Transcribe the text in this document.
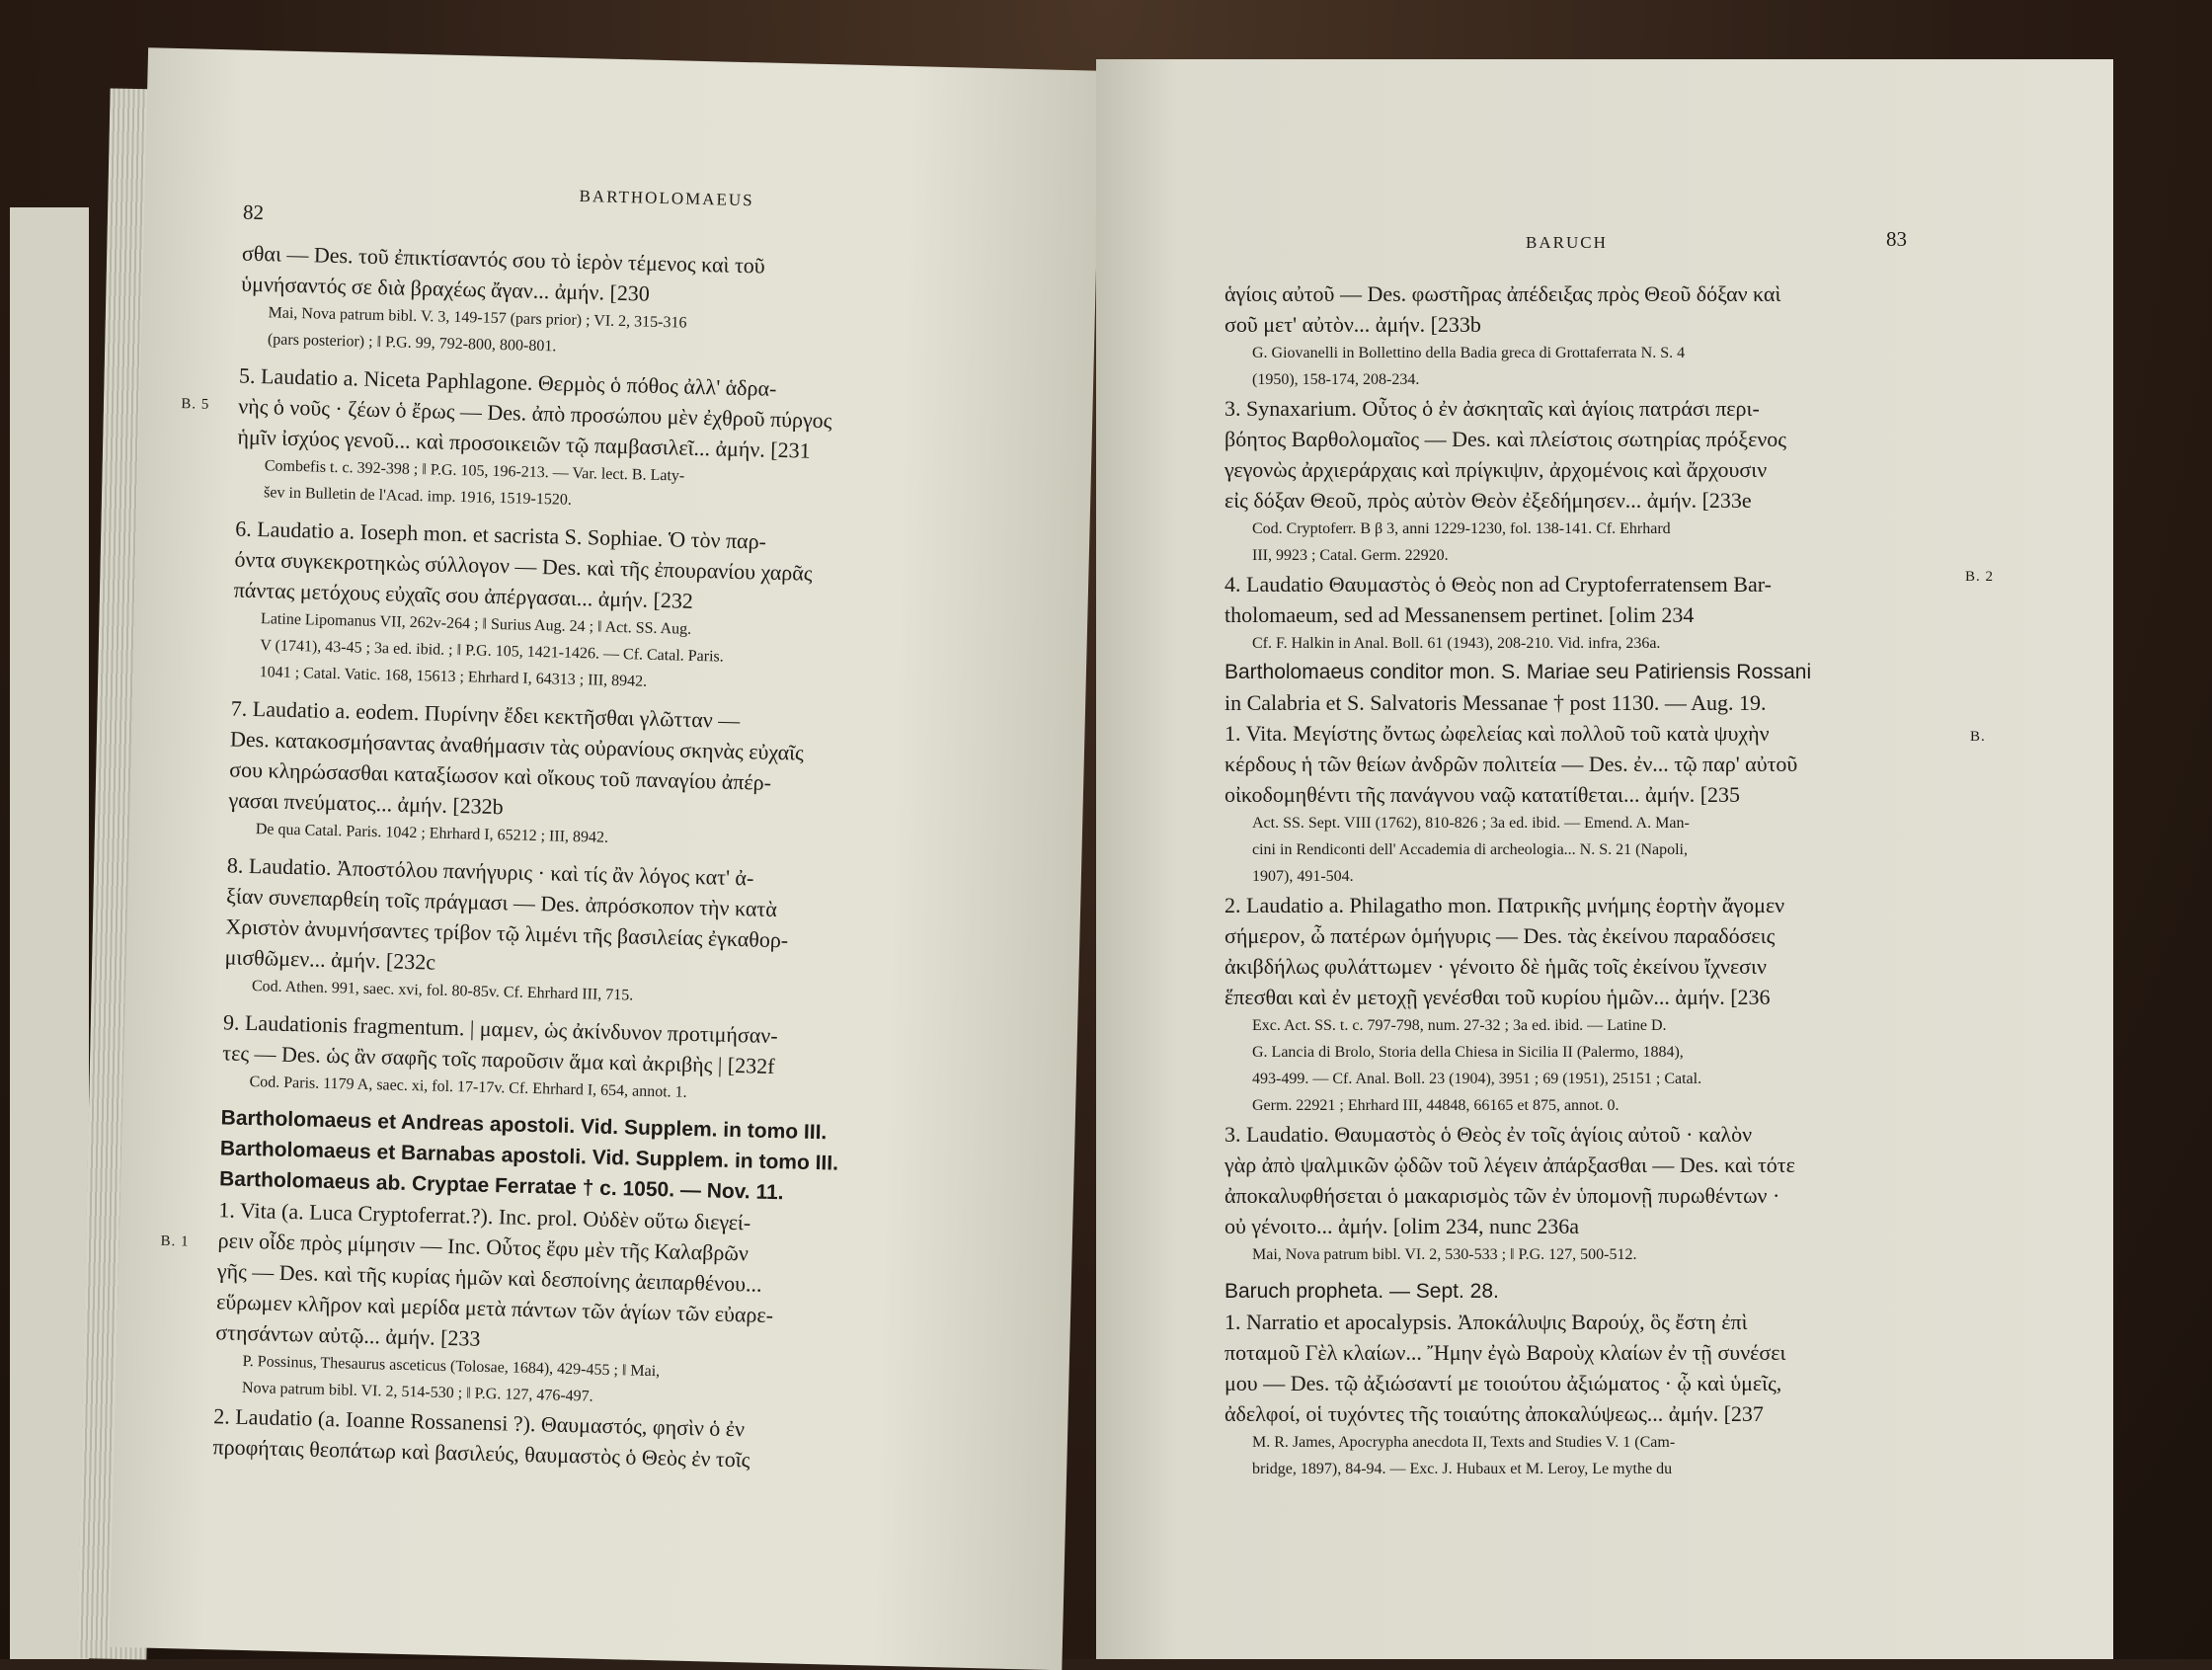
82
BARTHOLOMAEUS
B. 5
B. 1
σθαι — Des. τοῦ ἐπικτίσαντός σου τὸ ἱερὸν τέμενος καὶ τοῦ
ὑμνήσαντός σε διὰ βραχέως ἄγαν... ἀμήν. [230
Mai, Nova patrum bibl. V. 3, 149-157 (pars prior) ; VI. 2, 315-316
(pars posterior) ; ‖ P.G. 99, 792-800, 800-801.
5. Laudatio a. Niceta Paphlagone. Θερμὸς ὁ πόθος ἀλλ' ἁδρα-
νὴς ὁ νοῦς · ζέων ὁ ἔρως — Des. ἀπὸ προσώπου μὲν ἐχθροῦ πύργος
ἡμῖν ἰσχύος γενοῦ... καὶ προσοικειῶν τῷ παμβασιλεῖ... ἀμήν. [231
Combefis t. c. 392-398 ; ‖ P.G. 105, 196-213. — Var. lect. B. Laty-
šev in Bulletin de l'Acad. imp. 1916, 1519-1520.
6. Laudatio a. Ioseph mon. et sacrista S. Sophiae. Ὁ τὸν παρ-
όντα συγκεκροτηκὼς σύλλογον — Des. καὶ τῆς ἐπουρανίου χαρᾶς
πάντας μετόχους εὐχαῖς σου ἀπέργασαι... ἀμήν. [232
Latine Lipomanus VII, 262v-264 ; ‖ Surius Aug. 24 ; ‖ Act. SS. Aug.
V (1741), 43-45 ; 3a ed. ibid. ; ‖ P.G. 105, 1421-1426. — Cf. Catal. Paris.
1041 ; Catal. Vatic. 168, 15613 ; Ehrhard I, 64313 ; III, 8942.
7. Laudatio a. eodem. Πυρίνην ἔδει κεκτῆσθαι γλῶτταν —
Des. κατακοσμήσαντας ἀναθήμασιν τὰς οὐρανίους σκηνὰς εὐχαῖς
σου κληρώσασθαι καταξίωσον καὶ οἴκους τοῦ παναγίου ἀπέρ-
γασαι πνεύματος... ἀμήν. [232b
De qua Catal. Paris. 1042 ; Ehrhard I, 65212 ; III, 8942.
8. Laudatio. Ἀποστόλου πανήγυρις · καὶ τίς ἂν λόγος κατ' ἀ-
ξίαν συνεπαρθείη τοῖς πράγμασι — Des. ἀπρόσκοπον τὴν κατὰ
Χριστὸν ἀνυμνήσαντες τρίβον τῷ λιμένι τῆς βασιλείας ἐγκαθορ-
μισθῶμεν... ἀμήν. [232c
Cod. Athen. 991, saec. xvi, fol. 80-85v. Cf. Ehrhard III, 715.
9. Laudationis fragmentum. | μαμεν, ὡς ἀκίνδυνον προτιμήσαν-
τες — Des. ὡς ἂν σαφῆς τοῖς παροῦσιν ἅμα καὶ ἀκριβὴς | [232f
Cod. Paris. 1179 A, saec. xi, fol. 17-17v. Cf. Ehrhard I, 654, annot. 1.
Bartholomaeus et Andreas apostoli. Vid. Supplem. in tomo III.
Bartholomaeus et Barnabas apostoli. Vid. Supplem. in tomo III.
Bartholomaeus ab. Cryptae Ferratae † c. 1050. — Nov. 11.
1. Vita (a. Luca Cryptoferrat.?). Inc. prol. Οὐδὲν οὕτω διεγεί-
ρειν οἶδε πρὸς μίμησιν — Inc. Οὗτος ἔφυ μὲν τῆς Καλαβρῶν
γῆς — Des. καὶ τῆς κυρίας ἡμῶν καὶ δεσποίνης ἀειπαρθένου...
εὕρωμεν κλῆρον καὶ μερίδα μετὰ πάντων τῶν ἁγίων τῶν εὐαρε-
στησάντων αὐτῷ... ἀμήν. [233
P. Possinus, Thesaurus asceticus (Tolosae, 1684), 429-455 ; ‖ Mai,
Nova patrum bibl. VI. 2, 514-530 ; ‖ P.G. 127, 476-497.
2. Laudatio (a. Ioanne Rossanensi ?). Θαυμαστός, φησὶν ὁ ἐν
προφήταις θεοπάτωρ καὶ βασιλεύς, θαυμαστὸς ὁ Θεὸς ἐν τοῖς
BARUCH	83
B. 2
B.
ἁγίοις αὐτοῦ — Des. φωστῆρας ἀπέδειξας πρὸς Θεοῦ δόξαν καὶ
σοῦ μετ' αὐτὸν... ἀμήν. [233b
G. Giovanelli in Bollettino della Badia greca di Grottaferrata N. S. 4
(1950), 158-174, 208-234.
3. Synaxarium. Οὗτος ὁ ἐν ἀσκηταῖς καὶ ἁγίοις πατράσι περι-
βόητος Βαρθολομαῖος — Des. καὶ πλείστοις σωτηρίας πρόξενος
γεγονὼς ἀρχιεράρχαις καὶ πρίγκιψιν, ἀρχομένοις καὶ ἄρχουσιν
εἰς δόξαν Θεοῦ, πρὸς αὐτὸν Θεὸν ἐξεδήμησεν... ἀμήν. [233e
Cod. Cryptoferr. B β 3, anni 1229-1230, fol. 138-141. Cf. Ehrhard
III, 9923 ; Catal. Germ. 22920.
4. Laudatio Θαυμαστὸς ὁ Θεὸς non ad Cryptoferratensem Bar-
tholomaeum, sed ad Messanensem pertinet. [olim 234
Cf. F. Halkin in Anal. Boll. 61 (1943), 208-210. Vid. infra, 236a.
Bartholomaeus conditor mon. S. Mariae seu Patiriensis Rossani
in Calabria et S. Salvatoris Messanae † post 1130. — Aug. 19.
1. Vita. Μεγίστης ὄντως ὠφελείας καὶ πολλοῦ τοῦ κατὰ ψυχὴν
κέρδους ἡ τῶν θείων ἀνδρῶν πολιτεία — Des. ἐν... τῷ παρ' αὐτοῦ
οἰκοδομηθέντι τῆς πανάγνου ναῷ κατατίθεται... ἀμήν. [235
Act. SS. Sept. VIII (1762), 810-826 ; 3a ed. ibid. — Emend. A. Man-
cini in Rendiconti dell' Accademia di archeologia... N. S. 21 (Napoli,
1907), 491-504.
2. Laudatio a. Philagatho mon. Πατρικῆς μνήμης ἑορτὴν ἄγομεν
σήμερον, ὦ πατέρων ὁμήγυρις — Des. τὰς ἐκείνου παραδόσεις
ἀκιβδήλως φυλάττωμεν · γένοιτο δὲ ἡμᾶς τοῖς ἐκείνου ἴχνεσιν
ἕπεσθαι καὶ ἐν μετοχῇ γενέσθαι τοῦ κυρίου ἡμῶν... ἀμήν. [236
Exc. Act. SS. t. c. 797-798, num. 27-32 ; 3a ed. ibid. — Latine D.
G. Lancia di Brolo, Storia della Chiesa in Sicilia II (Palermo, 1884),
493-499. — Cf. Anal. Boll. 23 (1904), 3951 ; 69 (1951), 25151 ; Catal.
Germ. 22921 ; Ehrhard III, 44848, 66165 et 875, annot. 0.
3. Laudatio. Θαυμαστὸς ὁ Θεὸς ἐν τοῖς ἁγίοις αὐτοῦ · καλὸν
γὰρ ἀπὸ ψαλμικῶν ᾠδῶν τοῦ λέγειν ἀπάρξασθαι — Des. καὶ τότε
ἀποκαλυφθήσεται ὁ μακαρισμὸς τῶν ἐν ὑπομονῇ πυρωθέντων ·
οὐ γένοιτο... ἀμήν. [olim 234, nunc 236a
Mai, Nova patrum bibl. VI. 2, 530-533 ; ‖ P.G. 127, 500-512.
Baruch propheta. — Sept. 28.
1. Narratio et apocalypsis. Ἀποκάλυψις Βαρούχ, ὃς ἔστη ἐπὶ
ποταμοῦ Γὲλ κλαίων... Ἤμην ἐγὼ Βαροὺχ κλαίων ἐν τῇ συνέσει
μου — Des. τῷ ἀξιώσαντί με τοιούτου ἀξιώματος · ᾧ καὶ ὑμεῖς,
ἀδελφοί, οἱ τυχόντες τῆς τοιαύτης ἀποκαλύψεως... ἀμήν. [237
M. R. James, Apocrypha anecdota II, Texts and Studies V. 1 (Cam-
bridge, 1897), 84-94. — Exc. J. Hubaux et M. Leroy, Le mythe du
